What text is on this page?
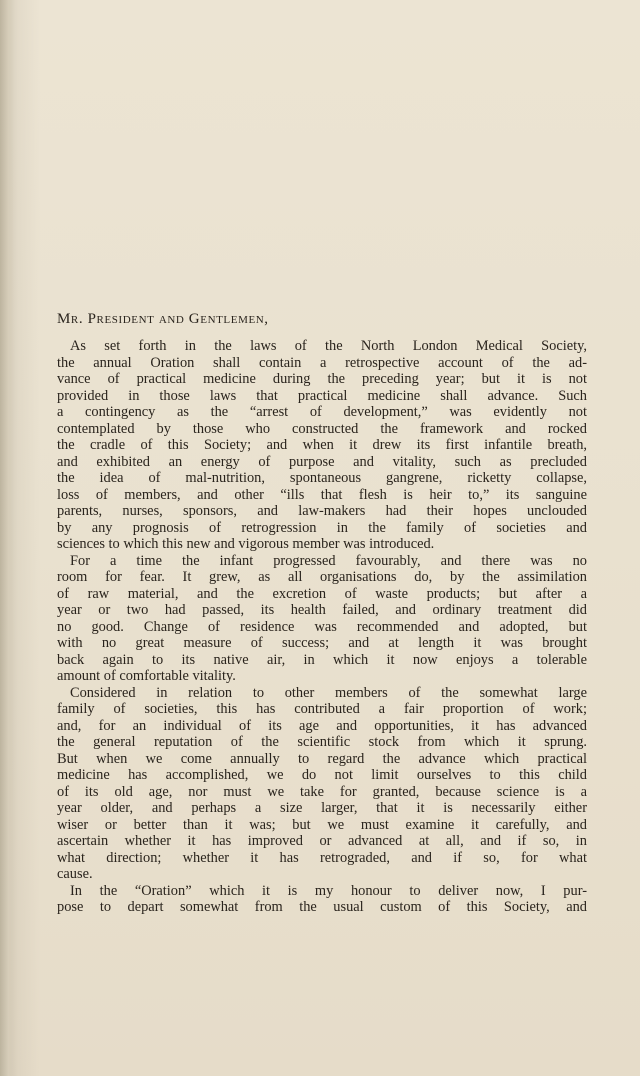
Mr. President and Gentlemen,
As set forth in the laws of the North London Medical Society,
the annual Oration shall contain a retrospective account of the ad-
vance of practical medicine during the preceding year; but it is not
provided in those laws that practical medicine shall advance. Such
a contingency as the “arrest of development,” was evidently not
contemplated by those who constructed the framework and rocked
the cradle of this Society; and when it drew its first infantile breath,
and exhibited an energy of purpose and vitality, such as precluded
the idea of mal-nutrition, spontaneous gangrene, ricketty collapse,
loss of members, and other “ills that flesh is heir to,” its sanguine
parents, nurses, sponsors, and law-makers had their hopes unclouded
by any prognosis of retrogression in the family of societies and
sciences to which this new and vigorous member was introduced.
For a time the infant progressed favourably, and there was no
room for fear. It grew, as all organisations do, by the assimilation
of raw material, and the excretion of waste products; but after a
year or two had passed, its health failed, and ordinary treatment did
no good. Change of residence was recommended and adopted, but
with no great measure of success; and at length it was brought
back again to its native air, in which it now enjoys a tolerable
amount of comfortable vitality.
Considered in relation to other members of the somewhat large
family of societies, this has contributed a fair proportion of work;
and, for an individual of its age and opportunities, it has advanced
the general reputation of the scientific stock from which it sprung.
But when we come annually to regard the advance which practical
medicine has accomplished, we do not limit ourselves to this child
of its old age, nor must we take for granted, because science is a
year older, and perhaps a size larger, that it is necessarily either
wiser or better than it was; but we must examine it carefully, and
ascertain whether it has improved or advanced at all, and if so, in
what direction; whether it has retrograded, and if so, for what
cause.
In the “Oration” which it is my honour to deliver now, I pur-
pose to depart somewhat from the usual custom of this Society, and
